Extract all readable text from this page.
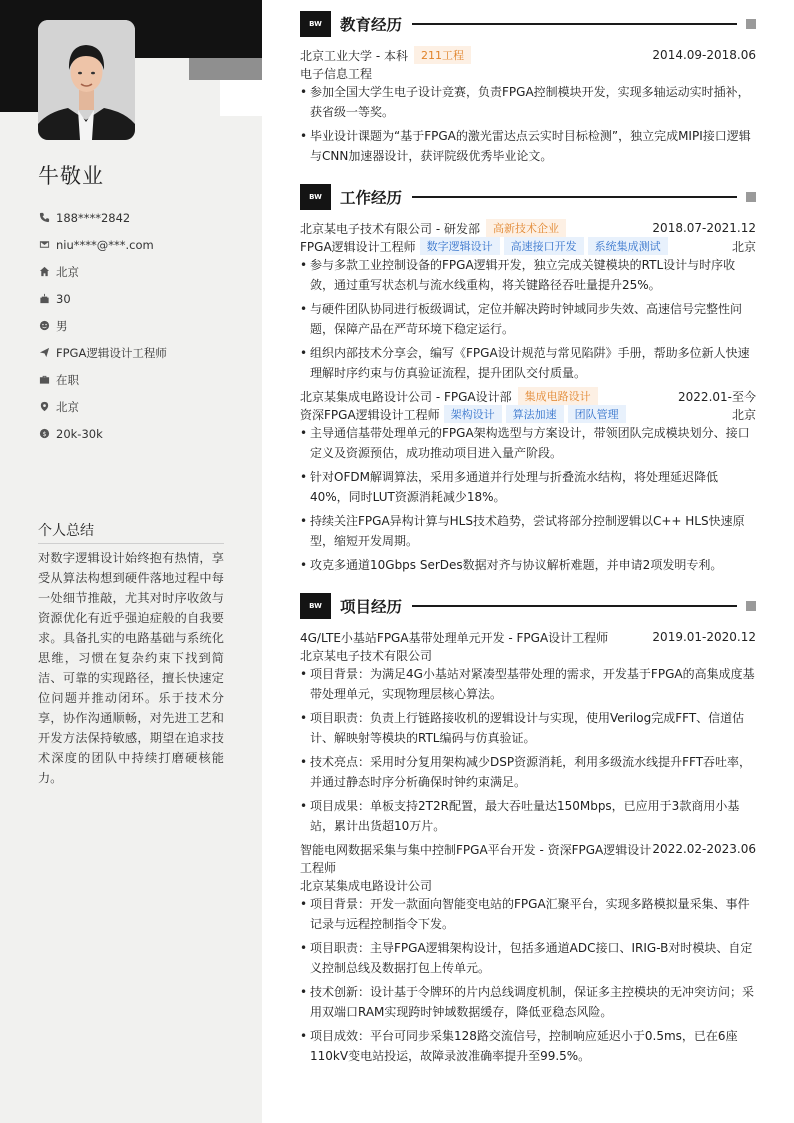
牛敬业
188****2842
niu****@***.com
北京
30
男
FPGA逻辑设计工程师
在职
北京
$ 20k-30k
个人总结
对数字逻辑设计始终抱有热情，享受从算法构想到硬件落地过程中每一处细节推敲，尤其对时序收敛与资源优化有近乎强迫症般的自我要求。具备扎实的电路基础与系统化思维，习惯在复杂约束下找到简洁、可靠的实现路径，擅长快速定位问题并推动闭环。乐于技术分享，协作沟通顺畅，对先进工艺和开发方法保持敏感，期望在追求技术深度的团队中持续打磨硬核能力。
BW	教育经历
北京工业大学 - 本科	211工程	2014.09-2018.06
电子信息工程
• 参加全国大学生电子设计竞赛，负责FPGA控制模块开发，实现多轴运动实时插补，获省级一等奖。
• 毕业设计课题为“基于FPGA的激光雷达点云实时目标检测”，独立完成MIPI接口逻辑与CNN加速器设计，获评院级优秀毕业论文。
BW	工作经历
北京某电子技术有限公司 - 研发部	高新技术企业	2018.07-2021.12
FPGA逻辑设计工程师	数字逻辑设计	高速接口开发	系统集成测试	北京
• 参与多款工业控制设备的FPGA逻辑开发，独立完成关键模块的RTL设计与时序收敛，通过重写状态机与流水线重构，将关键路径吞吐量提升25%。
• 与硬件团队协同进行板级调试，定位并解决跨时钟域同步失效、高速信号完整性问题，保障产品在严苛环境下稳定运行。
• 组织内部技术分享会，编写《FPGA设计规范与常见陷阱》手册，帮助多位新人快速理解时序约束与仿真验证流程，提升团队交付质量。
北京某集成电路设计公司 - FPGA设计部	集成电路设计	2022.01-至今
资深FPGA逻辑设计工程师	架构设计	算法加速	团队管理	北京
• 主导通信基带处理单元的FPGA架构选型与方案设计，带领团队完成模块划分、接口定义及资源预估，成功推动项目进入量产阶段。
• 针对OFDM解调算法，采用多通道并行处理与折叠流水结构，将处理延迟降低40%，同时LUT资源消耗减少18%。
• 持续关注FPGA异构计算与HLS技术趋势，尝试将部分控制逻辑以C++ HLS快速原型，缩短开发周期。
• 攻克多通道10Gbps SerDes数据对齐与协议解析难题，并申请2项发明专利。
BW	项目经历
4G/LTE小基站FPGA基带处理单元开发 - FPGA设计工程师	2019.01-2020.12
北京某电子技术有限公司
• 项目背景：为满足4G小基站对紧凑型基带处理的需求，开发基于FPGA的高集成度基带处理单元，实现物理层核心算法。
• 项目职责：负责上行链路接收机的逻辑设计与实现，使用Verilog完成FFT、信道估计、解映射等模块的RTL编码与仿真验证。
• 技术亮点：采用时分复用架构减少DSP资源消耗，利用多级流水线提升FFT吞吐率，并通过静态时序分析确保时钟约束满足。
• 项目成果：单板支持2T2R配置，最大吞吐量达150Mbps，已应用于3款商用小基站，累计出货超10万片。
智能电网数据采集与集中控制FPGA平台开发 - 资深FPGA逻辑设计 2022.02-2023.06
工程师
北京某集成电路设计公司
• 项目背景：开发一款面向智能变电站的FPGA汇聚平台，实现多路模拟量采集、事件记录与远程控制指令下发。
• 项目职责：主导FPGA逻辑架构设计，包括多通道ADC接口、IRIG-B对时模块、自定义控制总线及数据打包上传单元。
• 技术创新：设计基于令牌环的片内总线调度机制，保证多主控模块的无冲突访问；采用双端口RAM实现跨时钟域数据缓存，降低亚稳态风险。
• 项目成效：平台可同步采集128路交流信号，控制响应延迟小于0.5ms，已在6座110kV变电站投运，故障录波准确率提升至99.5%。
